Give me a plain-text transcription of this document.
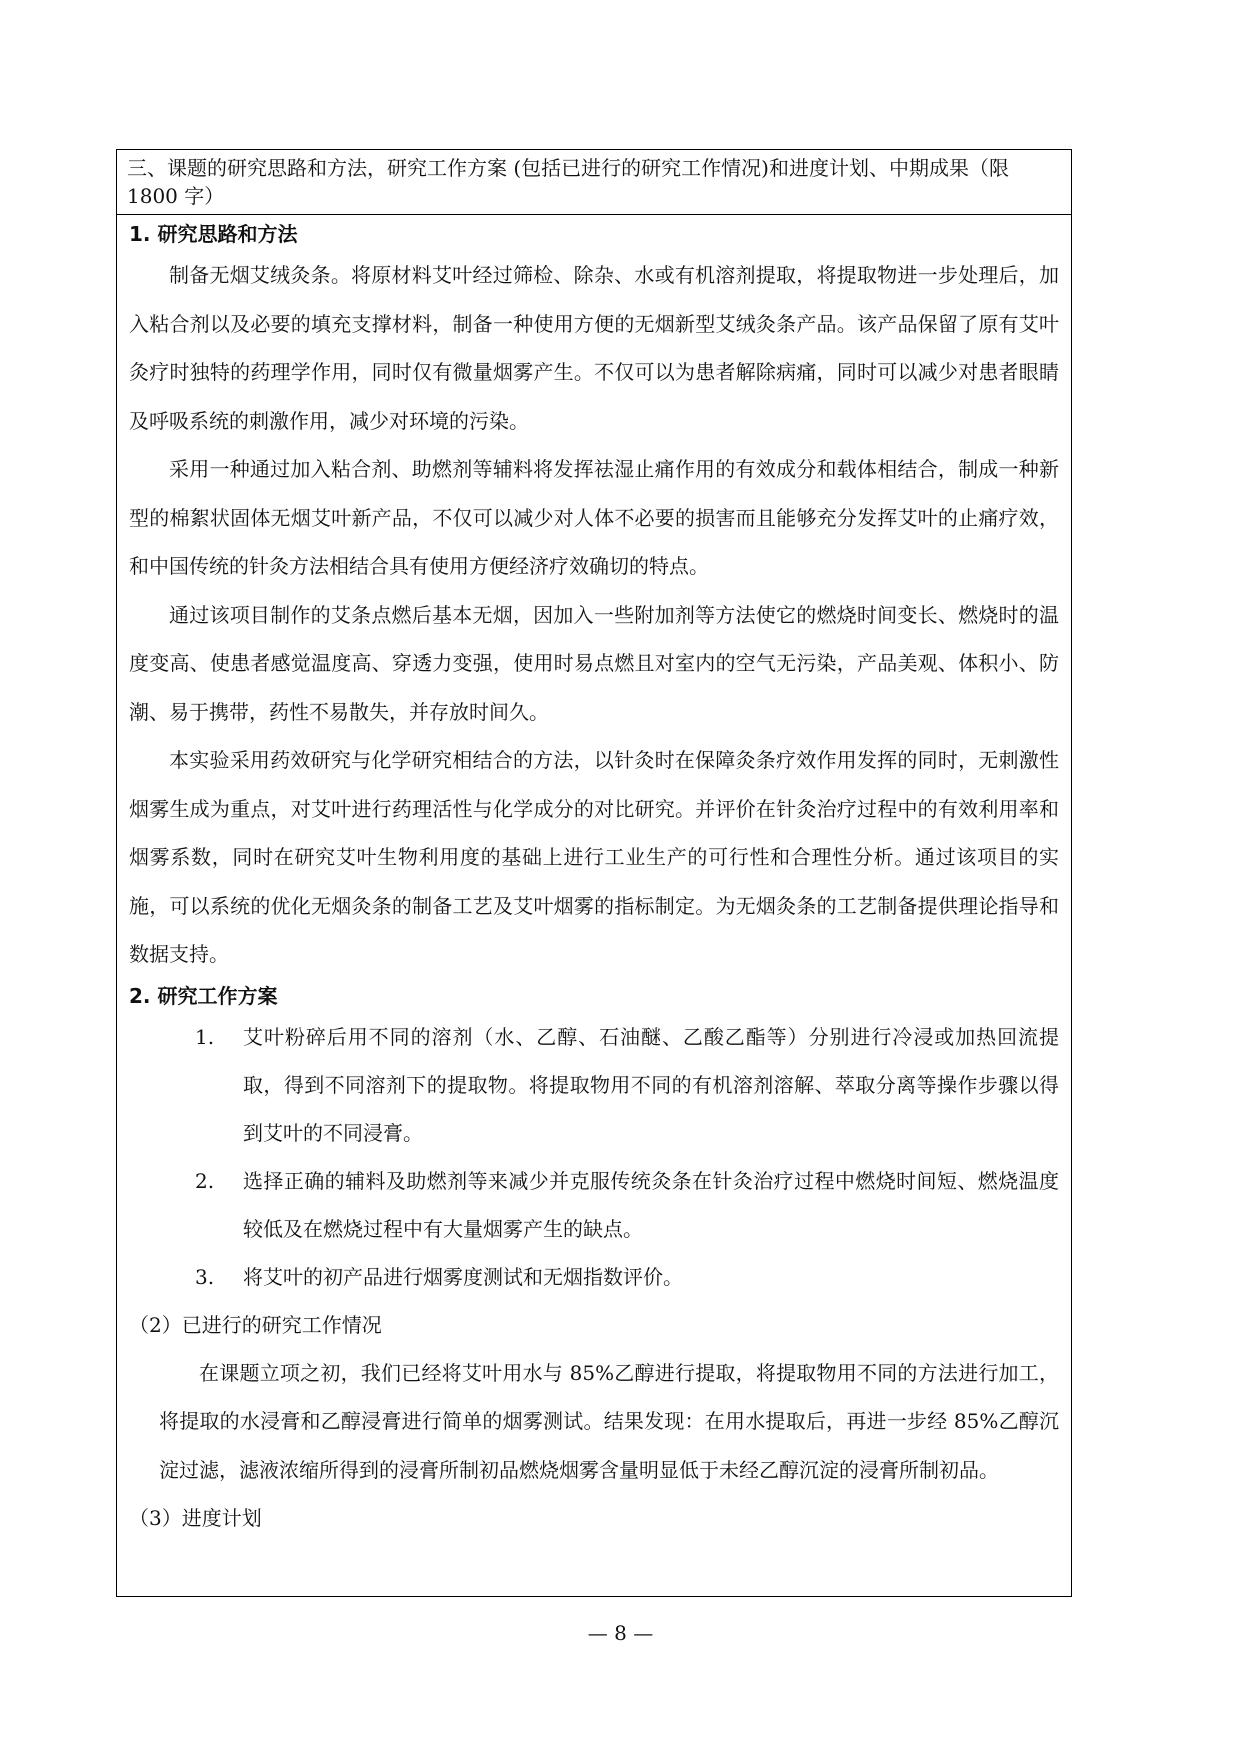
三、课题的研究思路和方法，研究工作方案 (包括已进行的研究工作情况)和进度计划、中期成果（限 1800 字）

1. 研究思路和方法

制备无烟艾绒灸条。将原材料艾叶经过筛检、除杂、水或有机溶剂提取，将提取物进一步处理后，加入粘合剂以及必要的填充支撑材料，制备一种使用方便的无烟新型艾绒灸条产品。该产品保留了原有艾叶灸疗时独特的药理学作用，同时仅有微量烟雾产生。不仅可以为患者解除病痛，同时可以减少对患者眼睛及呼吸系统的刺激作用，减少对环境的污染。

采用一种通过加入粘合剂、助燃剂等辅料将发挥祛湿止痛作用的有效成分和载体相结合，制成一种新型的棉絮状固体无烟艾叶新产品，不仅可以减少对人体不必要的损害而且能够充分发挥艾叶的止痛疗效，和中国传统的针灸方法相结合具有使用方便经济疗效确切的特点。

通过该项目制作的艾条点燃后基本无烟，因加入一些附加剂等方法使它的燃烧时间变长、燃烧时的温度变高、使患者感觉温度高、穿透力变强，使用时易点燃且对室内的空气无污染，产品美观、体积小、防潮、易于携带，药性不易散失，并存放时间久。

本实验采用药效研究与化学研究相结合的方法，以针灸时在保障灸条疗效作用发挥的同时，无刺激性烟雾生成为重点，对艾叶进行药理活性与化学成分的对比研究。并评价在针灸治疗过程中的有效利用率和烟雾系数，同时在研究艾叶生物利用度的基础上进行工业生产的可行性和合理性分析。通过该项目的实施，可以系统的优化无烟灸条的制备工艺及艾叶烟雾的指标制定。为无烟灸条的工艺制备提供理论指导和数据支持。

2. 研究工作方案

1. 艾叶粉碎后用不同的溶剂（水、乙醇、石油醚、乙酸乙酯等）分别进行冷浸或加热回流提取，得到不同溶剂下的提取物。将提取物用不同的有机溶剂溶解、萃取分离等操作步骤以得到艾叶的不同浸膏。
2. 选择正确的辅料及助燃剂等来减少并克服传统灸条在针灸治疗过程中燃烧时间短、燃烧温度较低及在燃烧过程中有大量烟雾产生的缺点。
3. 将艾叶的初产品进行烟雾度测试和无烟指数评价。

（2）已进行的研究工作情况

在课题立项之初，我们已经将艾叶用水与 85%乙醇进行提取，将提取物用不同的方法进行加工，将提取的水浸膏和乙醇浸膏进行简单的烟雾测试。结果发现：在用水提取后，再进一步经 85%乙醇沉淀过滤，滤液浓缩所得到的浸膏所制初品燃烧烟雾含量明显低于未经乙醇沉淀的浸膏所制初品。

（3）进度计划

— 8 —
